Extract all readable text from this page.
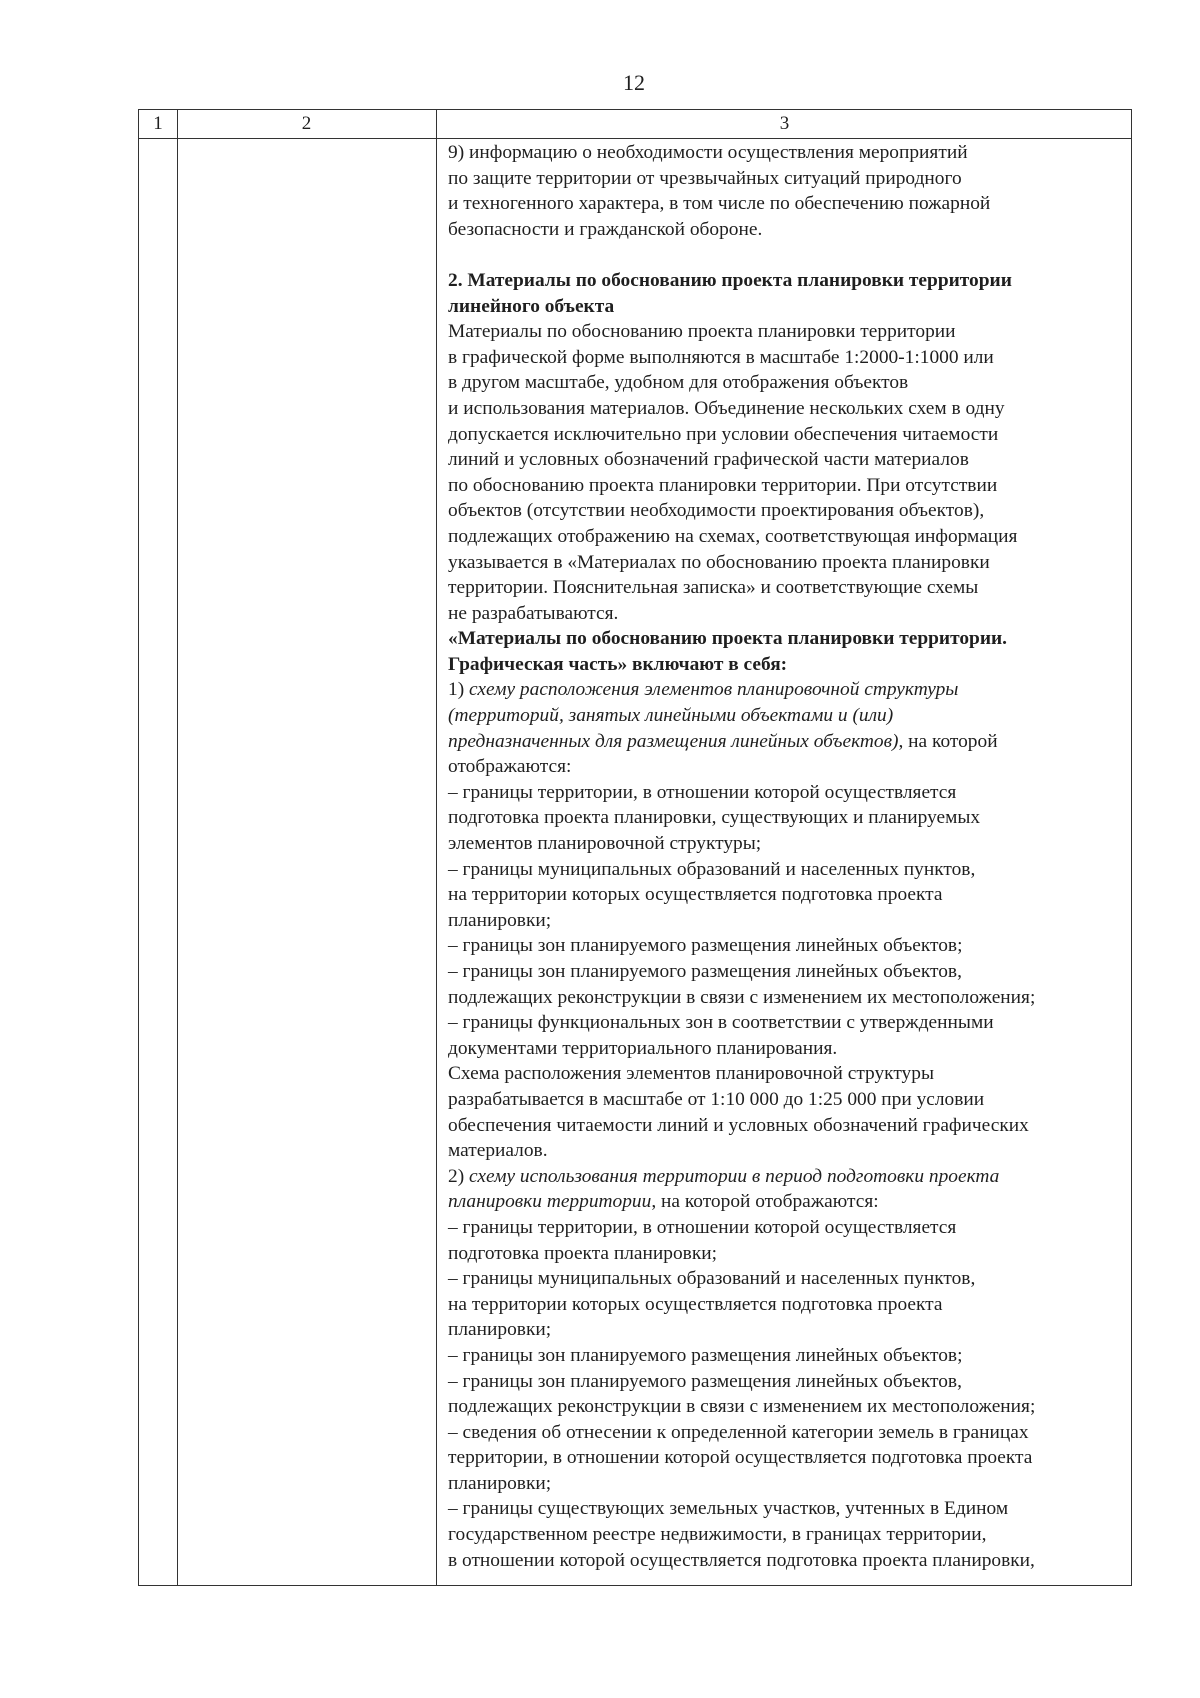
12
1	2	3
9) информацию о необходимости осуществления мероприятий
по защите территории от чрезвычайных ситуаций природного
и техногенного характера, в том числе по обеспечению пожарной
безопасности и гражданской обороне.
2. Материалы по обоснованию проекта планировки территории
линейного объекта
Материалы по обоснованию проекта планировки территории
в графической форме выполняются в масштабе 1:2000-1:1000 или
в другом масштабе, удобном для отображения объектов
и использования материалов. Объединение нескольких схем в одну
допускается исключительно при условии обеспечения читаемости
линий и условных обозначений графической части материалов
по обоснованию проекта планировки территории. При отсутствии
объектов (отсутствии необходимости проектирования объектов),
подлежащих отображению на схемах, соответствующая информация
указывается в «Материалах по обоснованию проекта планировки
территории. Пояснительная записка» и соответствующие схемы
не разрабатываются.
«Материалы по обоснованию проекта планировки территории.
Графическая часть» включают в себя:
1) схему расположения элементов планировочной структуры
(территорий, занятых линейными объектами и (или)
предназначенных для размещения линейных объектов), на которой
отображаются:
– границы территории, в отношении которой осуществляется
подготовка проекта планировки, существующих и планируемых
элементов планировочной структуры;
– границы муниципальных образований и населенных пунктов,
на территории которых осуществляется подготовка проекта
планировки;
– границы зон планируемого размещения линейных объектов;
– границы зон планируемого размещения линейных объектов,
подлежащих реконструкции в связи с изменением их местоположения;
– границы функциональных зон в соответствии с утвержденными
документами территориального планирования.
Схема расположения элементов планировочной структуры
разрабатывается в масштабе от 1:10 000 до 1:25 000 при условии
обеспечения читаемости линий и условных обозначений графических
материалов.
2) схему использования территории в период подготовки проекта
планировки территории, на которой отображаются:
– границы территории, в отношении которой осуществляется
подготовка проекта планировки;
– границы муниципальных образований и населенных пунктов,
на территории которых осуществляется подготовка проекта
планировки;
– границы зон планируемого размещения линейных объектов;
– границы зон планируемого размещения линейных объектов,
подлежащих реконструкции в связи с изменением их местоположения;
– сведения об отнесении к определенной категории земель в границах
территории, в отношении которой осуществляется подготовка проекта
планировки;
– границы существующих земельных участков, учтенных в Едином
государственном реестре недвижимости, в границах территории,
в отношении которой осуществляется подготовка проекта планировки,
